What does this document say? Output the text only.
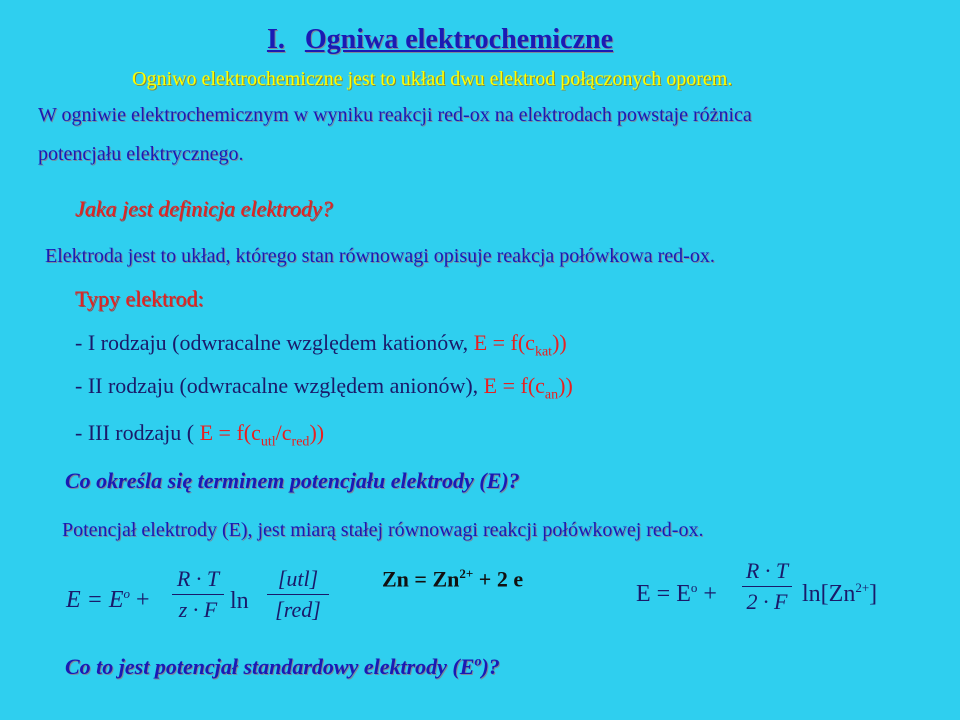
I. Ogniwa elektrochemiczne
Ogniwo elektrochemiczne jest to układ dwu elektrod połączonych oporem.
W ogniwie elektrochemicznym w wyniku reakcji red-ox na elektrodach powstaje różnica
potencjału elektrycznego.
Jaka jest definicja elektrody?
Elektroda jest to układ, którego stan równowagi opisuje reakcja połówkowa red-ox.
Typy elektrod:
- I rodzaju (odwracalne względem kationów, $E = f(c_{kat})$)
- II rodzaju (odwracalne względem anionów), $E = f(c_{an})$)
- III rodzaju ( $E = f(c_{utl}/c_{red})$)
Co określa się terminem potencjału elektrody (E)?
Potencjał elektrody (E), jest miarą stałej równowagi reakcji połówkowej red-ox.
$E = E^o$ +
R · T
z · F ln
[utl]
[red]
$Zn = Zn^{2+} + 2$ e
$E = E^o$ +
R · T
2 · F $\ln[Zn^{2+}]$
Co to jest potencjał standardowy elektrody $(E^o)$?
